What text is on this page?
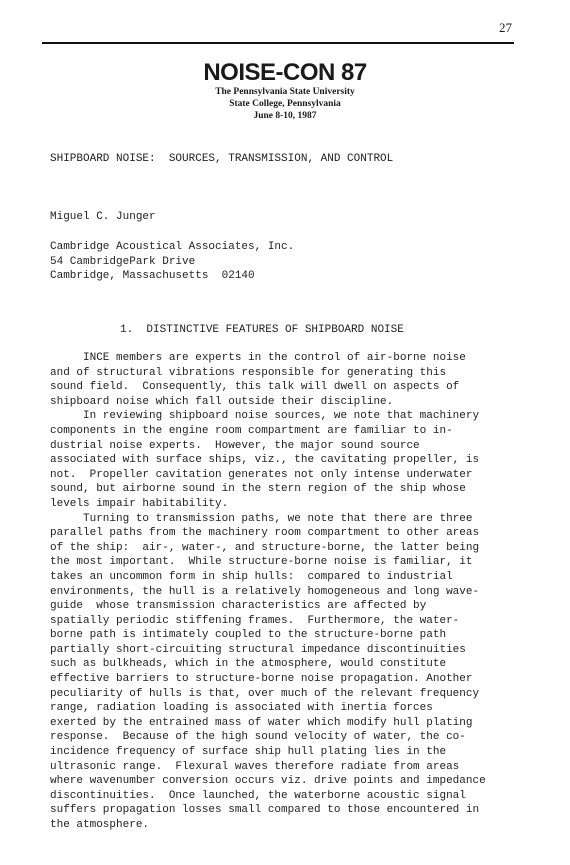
27
NOISE-CON 87
The Pennsylvania State University
State College, Pennsylvania
June 8-10, 1987
SHIPBOARD NOISE:  SOURCES, TRANSMISSION, AND CONTROL
Miguel C. Junger
Cambridge Acoustical Associates, Inc.
54 CambridgePark Drive
Cambridge, Massachusetts  02140
1.  DISTINCTIVE FEATURES OF SHIPBOARD NOISE
INCE members are experts in the control of air-borne noise
and of structural vibrations responsible for generating this
sound field.  Consequently, this talk will dwell on aspects of
shipboard noise which fall outside their discipline.
In reviewing shipboard noise sources, we note that machinery
components in the engine room compartment are familiar to in-
dustrial noise experts.  However, the major sound source
associated with surface ships, viz., the cavitating propeller, is
not.  Propeller cavitation generates not only intense underwater
sound, but airborne sound in the stern region of the ship whose
levels impair habitability.
Turning to transmission paths, we note that there are three
parallel paths from the machinery room compartment to other areas
of the ship:  air-, water-, and structure-borne, the latter being
the most important.  While structure-borne noise is familiar, it
takes an uncommon form in ship hulls:  compared to industrial
environments, the hull is a relatively homogeneous and long wave-
guide  whose transmission characteristics are affected by
spatially periodic stiffening frames.  Furthermore, the water-
borne path is intimately coupled to the structure-borne path
partially short-circuiting structural impedance discontinuities
such as bulkheads, which in the atmosphere, would constitute
effective barriers to structure-borne noise propagation. Another
peculiarity of hulls is that, over much of the relevant frequency
range, radiation loading is associated with inertia forces
exerted by the entrained mass of water which modify hull plating
response.  Because of the high sound velocity of water, the co-
incidence frequency of surface ship hull plating lies in the
ultrasonic range.  Flexural waves therefore radiate from areas
where wavenumber conversion occurs viz. drive points and impedance
discontinuities.  Once launched, the waterborne acoustic signal
suffers propagation losses small compared to those encountered in
the atmosphere.
